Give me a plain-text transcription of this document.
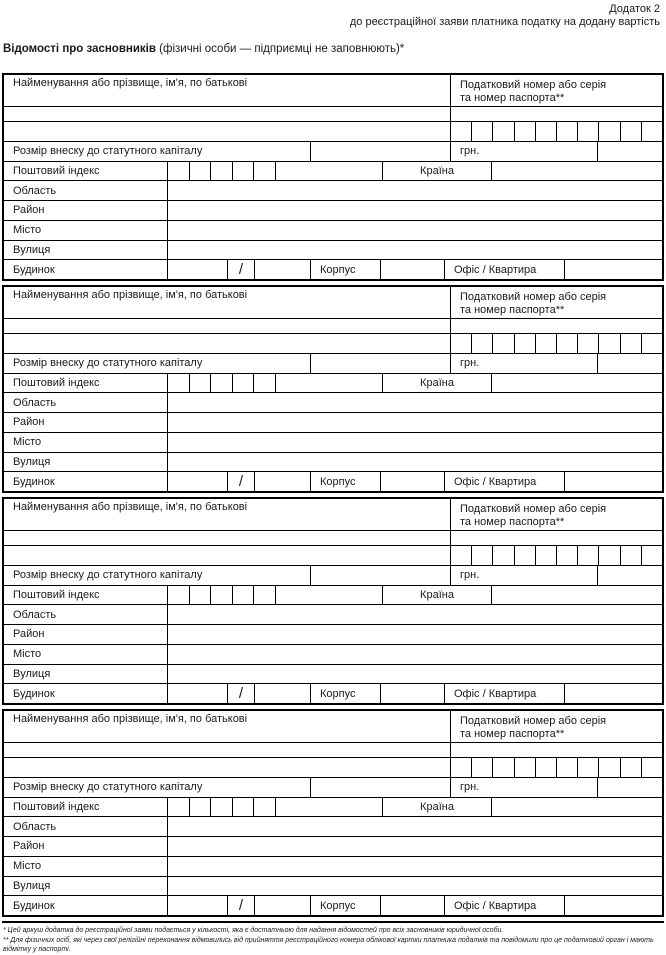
Додаток 2
до реєстраційної заяви платника податку на додану вартість
Відомості про засновників (фізичні особи — підприємці не заповнюють)*
Найменування або прізвище, ім'я, по батькові	Податковий номер або серія
та номер паспорта**
Розмір внеску до статутного капіталу	грн.
Поштовий індекс	Країна
Область
Район
Місто
Вулиця
Будинок	/	Корпус	Офіс / Квартира
Найменування або прізвище, ім'я, по батькові	Податковий номер або серія
та номер паспорта**
Розмір внеску до статутного капіталу	грн.
Поштовий індекс	Країна
Область
Район
Місто
Вулиця
Будинок	/	Корпус	Офіс / Квартира
Найменування або прізвище, ім'я, по батькові	Податковий номер або серія
та номер паспорта**
Розмір внеску до статутного капіталу	грн.
Поштовий індекс	Країна
Область
Район
Місто
Вулиця
Будинок	/	Корпус	Офіс / Квартира
Найменування або прізвище, ім'я, по батькові	Податковий номер або серія
та номер паспорта**
Розмір внеску до статутного капіталу	грн.
Поштовий індекс	Країна
Область
Район
Місто
Вулиця
Будинок	/	Корпус	Офіс / Квартира

* Цей аркуш додатка до реєстраційної заяви подається у кількості, яка є достатньою для надання відомостей про всіх засновників юридичної особи.

** Для фізичних осіб, які через свої релігійні переконання відмовились від прийняття реєстраційного номера облікової картки платника податків та повідомили про це податковий орган і мають відмітку у паспорті.
